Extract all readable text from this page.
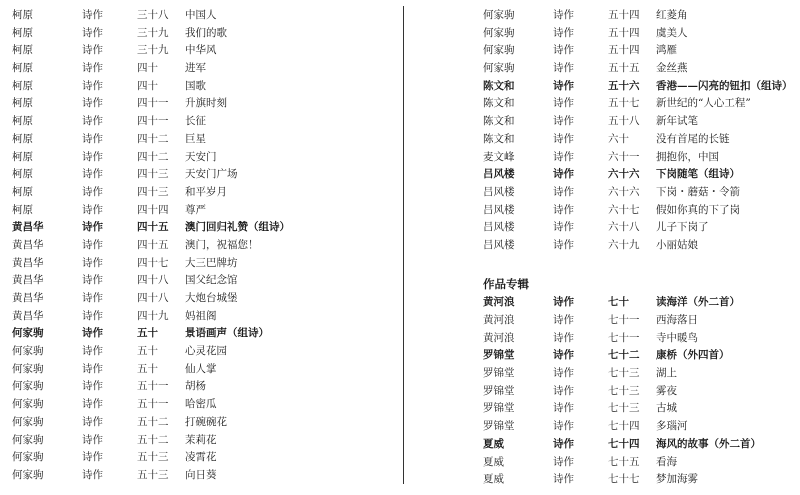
柯原	诗作	三十八 中国人
柯原	诗作	三十九 我们的歌
柯原	诗作	三十九 中华风
柯原	诗作	四十	进军
柯原	诗作	四十	国歌
柯原	诗作	四十一 升旗时刻
柯原	诗作	四十一 长征
柯原	诗作	四十二 巨星
柯原	诗作	四十二 天安门
柯原	诗作	四十三 天安门广场
柯原	诗作	四十三 和平岁月
柯原	诗作	四十四 尊严
黄昌华	诗作	四十五 澳门回归礼赞（组诗）
黄昌华	诗作	四十五 澳门，祝福您！
黄昌华	诗作	四十七 大三巴牌坊
黄昌华	诗作	四十八 国父纪念馆
黄昌华	诗作	四十八 大炮台城堡
黄昌华	诗作	四十九 妈祖阁
何家驹	诗作	五十	景语画声（组诗）
何家驹	诗作	五十	心灵花园
何家驹	诗作	五十	仙人掌
何家驹	诗作	五十一 胡杨
何家驹	诗作	五十一 哈密瓜
何家驹	诗作	五十二 打碗碗花
何家驹	诗作	五十二 茉莉花
何家驹	诗作	五十三 凌霄花
何家驹	诗作	五十三 向日葵
何家驹	诗作	五十四 红菱角
何家驹	诗作	五十四 虞美人
何家驹	诗作	五十四 鸿雁
何家驹	诗作	五十五 金丝燕
陈文和	诗作	五十六 香港——闪亮的钮扣（组诗）
陈文和	诗作	五十七 新世纪的“人心工程”
陈文和	诗作	五十八 新年试笔
陈文和	诗作	六十	没有首尾的长链
麦文峰	诗作	六十一 拥抱你，中国
吕风楼	诗作	六十六 下岗随笔（组诗）
吕风楼	诗作	六十六 下岗・蘑菇・令箭
吕风楼	诗作	六十七 假如你真的下了岗
吕风楼	诗作	六十八 儿子下岗了
吕风楼	诗作	六十九 小丽姑娘
作品专辑
黄河浪	诗作	七十	读海洋（外二首）
黄河浪	诗作	七十一 西海落日
黄河浪	诗作	七十一 寺中暖鸟
罗锦堂	诗作	七十二 康桥（外四首）
罗锦堂	诗作	七十三 湖上
罗锦堂	诗作	七十三 雾夜
罗锦堂	诗作	七十三 古城
罗锦堂	诗作	七十四 多瑙河
夏威	诗作	七十四 海风的故事（外二首）
夏威	诗作	七十五 看海
夏威	诗作	七十七 梦加海雾
